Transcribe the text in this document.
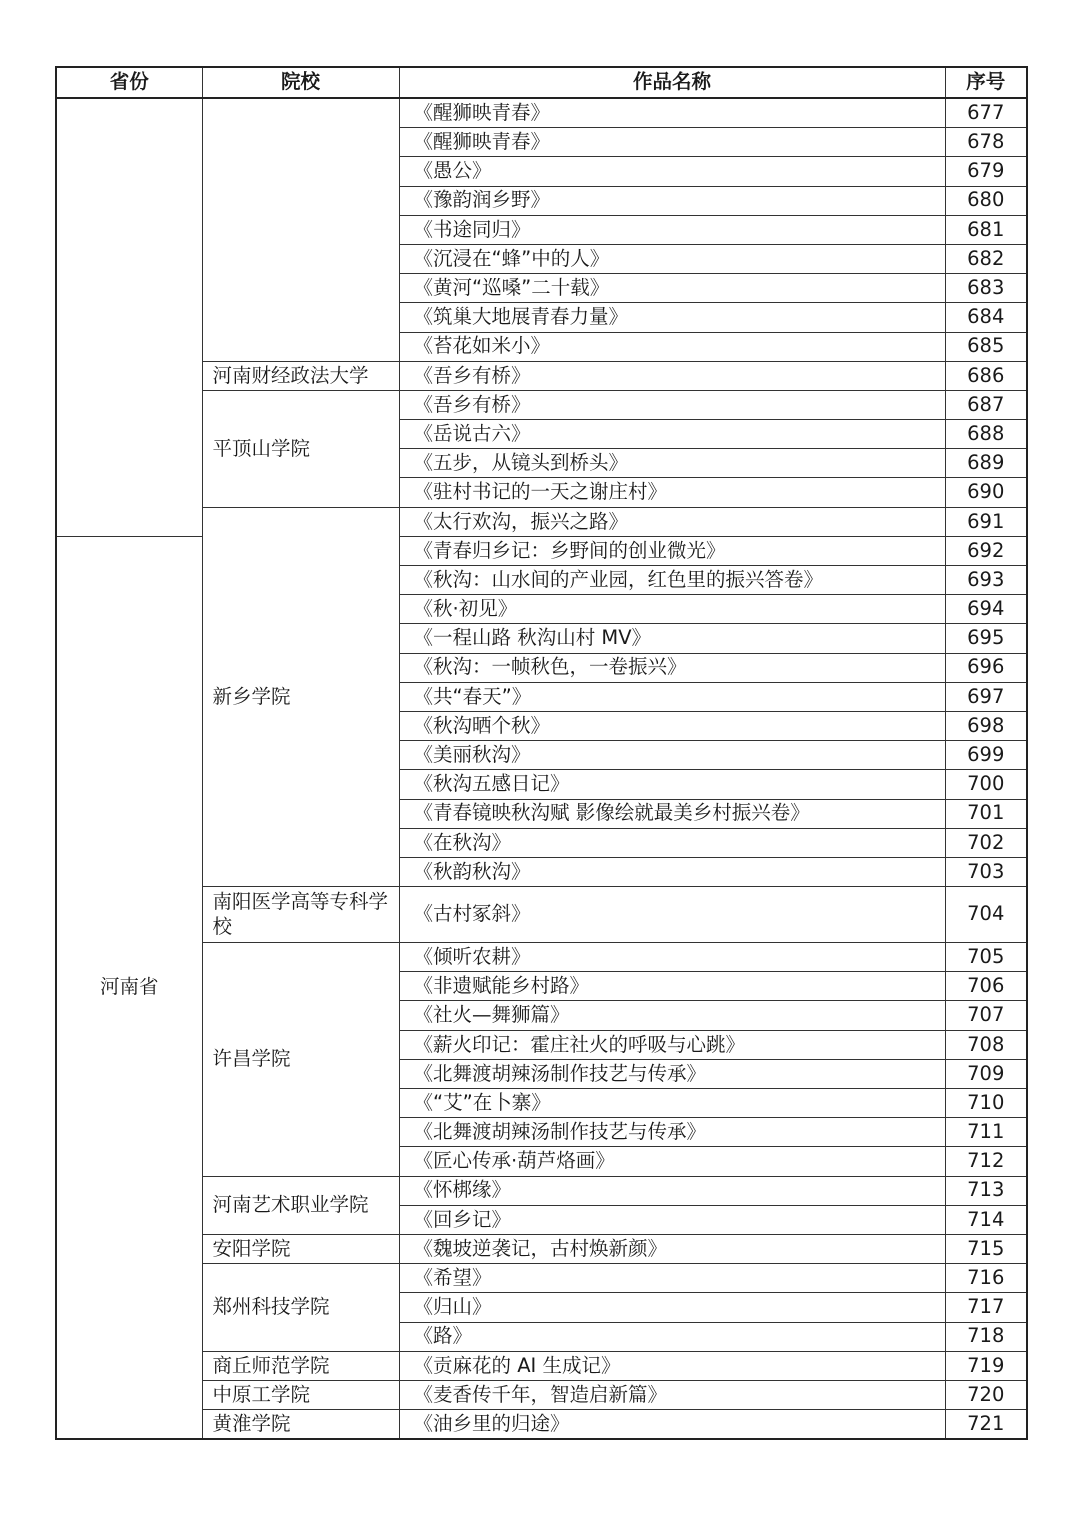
省份	院校	作品名称	序号
		《醒狮映青春》	677
		《醒狮映青春》	678
		《愚公》	679
		《豫韵润乡野》	680
		《书途同归》	681
		《沉浸在“蜂”中的人》	682
		《黄河“巡嗓”二十载》	683
		《筑巢大地展青春力量》	684
		《苔花如米小》	685
	河南财经政法大学	《吾乡有桥》	686
	平顶山学院	《吾乡有桥》	687
		《岳说古六》	688
		《五步，从镜头到桥头》	689
		《驻村书记的一天之谢庄村》	690
	新乡学院	《太行欢沟，振兴之路》	691
河南省		《青春归乡记：乡野间的创业微光》	692
		《秋沟：山水间的产业园，红色里的振兴答卷》	693
		《秋·初见》	694
		《一程山路 秋沟山村 MV》	695
		《秋沟：一帧秋色，一卷振兴》	696
		《共“春天”》	697
		《秋沟晒个秋》	698
		《美丽秋沟》	699
		《秋沟五感日记》	700
		《青春镜映秋沟赋 影像绘就最美乡村振兴卷》	701
		《在秋沟》	702
		《秋韵秋沟》	703
	南阳医学高等专科学校	《古村冢斜》	704
	许昌学院	《倾听农耕》	705
		《非遗赋能乡村路》	706
		《社火—舞狮篇》	707
		《薪火印记：霍庄社火的呼吸与心跳》	708
		《北舞渡胡辣汤制作技艺与传承》	709
		《“艾”在卜寨》	710
		《北舞渡胡辣汤制作技艺与传承》	711
		《匠心传承·葫芦烙画》	712
	河南艺术职业学院	《怀梆缘》	713
		《回乡记》	714
	安阳学院	《魏坡逆袭记，古村焕新颜》	715
	郑州科技学院	《希望》	716
		《归山》	717
		《路》	718
	商丘师范学院	《贡麻花的 AI 生成记》	719
	中原工学院	《麦香传千年，智造启新篇》	720
	黄淮学院	《油乡里的归途》	721
